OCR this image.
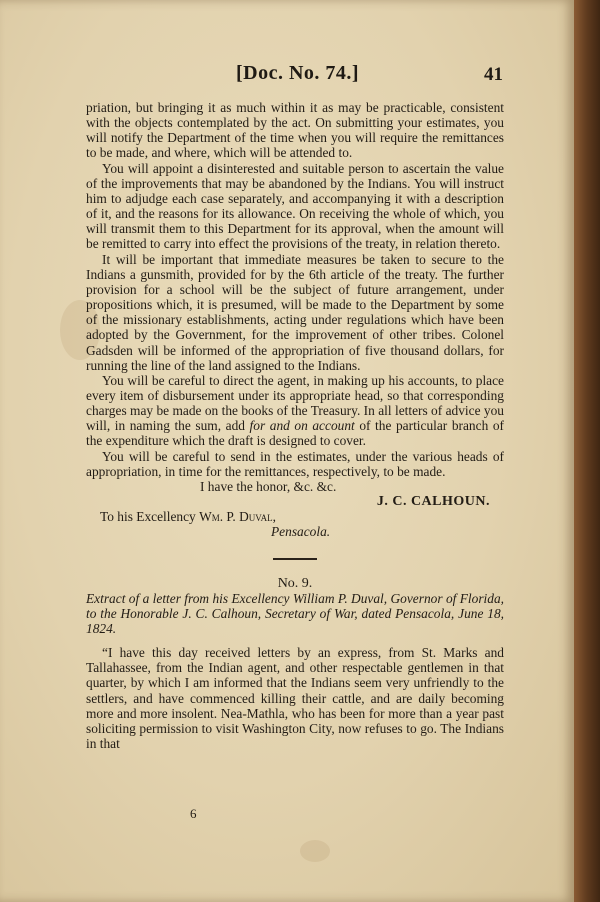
[Doc. No. 74.]	41

priation, but bringing it as much within it as may be practicable, consistent with the objects contemplated by the act. On submitting your estimates, you will notify the Department of the time when you will require the remittances to be made, and where, which will be attended to.

You will appoint a disinterested and suitable person to ascertain the value of the improvements that may be abandoned by the Indians. You will instruct him to adjudge each case separately, and accompanying it with a description of it, and the reasons for its allowance. On receiving the whole of which, you will transmit them to this Department for its approval, when the amount will be remitted to carry into effect the provisions of the treaty, in relation thereto.

It will be important that immediate measures be taken to secure to the Indians a gunsmith, provided for by the 6th article of the treaty. The further provision for a school will be the subject of future arrangement, under propositions which, it is presumed, will be made to the Department by some of the missionary establishments, acting under regulations which have been adopted by the Government, for the improvement of other tribes. Colonel Gadsden will be informed of the appropriation of five thousand dollars, for running the line of the land assigned to the Indians.

You will be careful to direct the agent, in making up his accounts, to place every item of disbursement under its appropriate head, so that corresponding charges may be made on the books of the Treasury. In all letters of advice you will, in naming the sum, add for and on account of the particular branch of the expenditure which the draft is designed to cover.

You will be careful to send in the estimates, under the various heads of appropriation, in time for the remittances, respectively, to be made.

I have the honor, &c. &c.

J. C. CALHOUN.

To his Excellency Wm. P. Duval,

Pensacola.

No. 9.

Extract of a letter from his Excellency William P. Duval, Governor of Florida, to the Honorable J. C. Calhoun, Secretary of War, dated Pensacola, June 18, 1824.

“I have this day received letters by an express, from St. Marks and Tallahassee, from the Indian agent, and other respectable gentlemen in that quarter, by which I am informed that the Indians seem very unfriendly to the settlers, and have commenced killing their cattle, and are daily becoming more and more insolent. Nea-Mathla, who has been for more than a year past soliciting permission to visit Washington City, now refuses to go. The Indians in that

6
